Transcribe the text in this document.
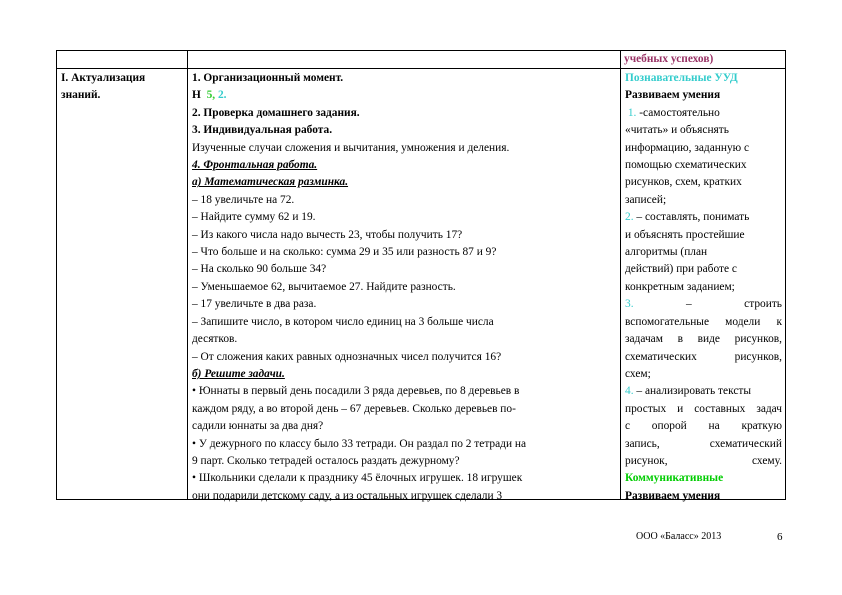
учебных успехов)
I. Актуализация
знаний.
1. Организационный момент.
Н 5, 2.
2. Проверка домашнего задания.
3. Индивидуальная работа.
Изученные случаи сложения и вычитания, умножения и деления.
4. Фронтальная работа.
а) Математическая разминка.
– 18 увеличьте на 72.
– Найдите сумму 62 и 19.
– Из какого числа надо вычесть 23, чтобы получить 17?
– Что больше и на сколько: сумма 29 и 35 или разность 87 и 9?
– На сколько 90 больше 34?
– Уменьшаемое 62, вычитаемое 27. Найдите разность.
– 17 увеличьте в два раза.
– Запишите число, в котором число единиц на 3 больше числа
десятков.
– От сложения каких равных однозначных чисел получится 16?
б) Решите задачи.
• Юннаты в первый день посадили 3 ряда деревьев, по 8 деревьев в
каждом ряду, а во второй день – 67 деревьев. Сколько деревьев по-
садили юннаты за два дня?
• У дежурного по классу было 33 тетради. Он раздал по 2 тетради на
9 парт. Сколько тетрадей осталось раздать дежурному?
• Школьники сделали к празднику 45 ёлочных игрушек. 18 игрушек
они подарили детскому саду, а из остальных игрушек сделали 3
Познавательные УУД
Развиваем умения
1. -самостоятельно
«читать» и объяснять
информацию, заданную с
помощью схематических
рисунков, схем, кратких
записей;
2. – составлять, понимать
и объяснять простейшие
алгоритмы (план
действий) при работе с
конкретным заданием;
3.	– строить
вспомогательные модели к
задачам в виде рисунков,
схематических рисунков,
схем;
4. – анализировать тексты
простых и составных задач
с опорой на краткую
запись, схематический
рисунок, схему.
Коммуникативные
Развиваем умения
ООО «Баласс» 2013	6
